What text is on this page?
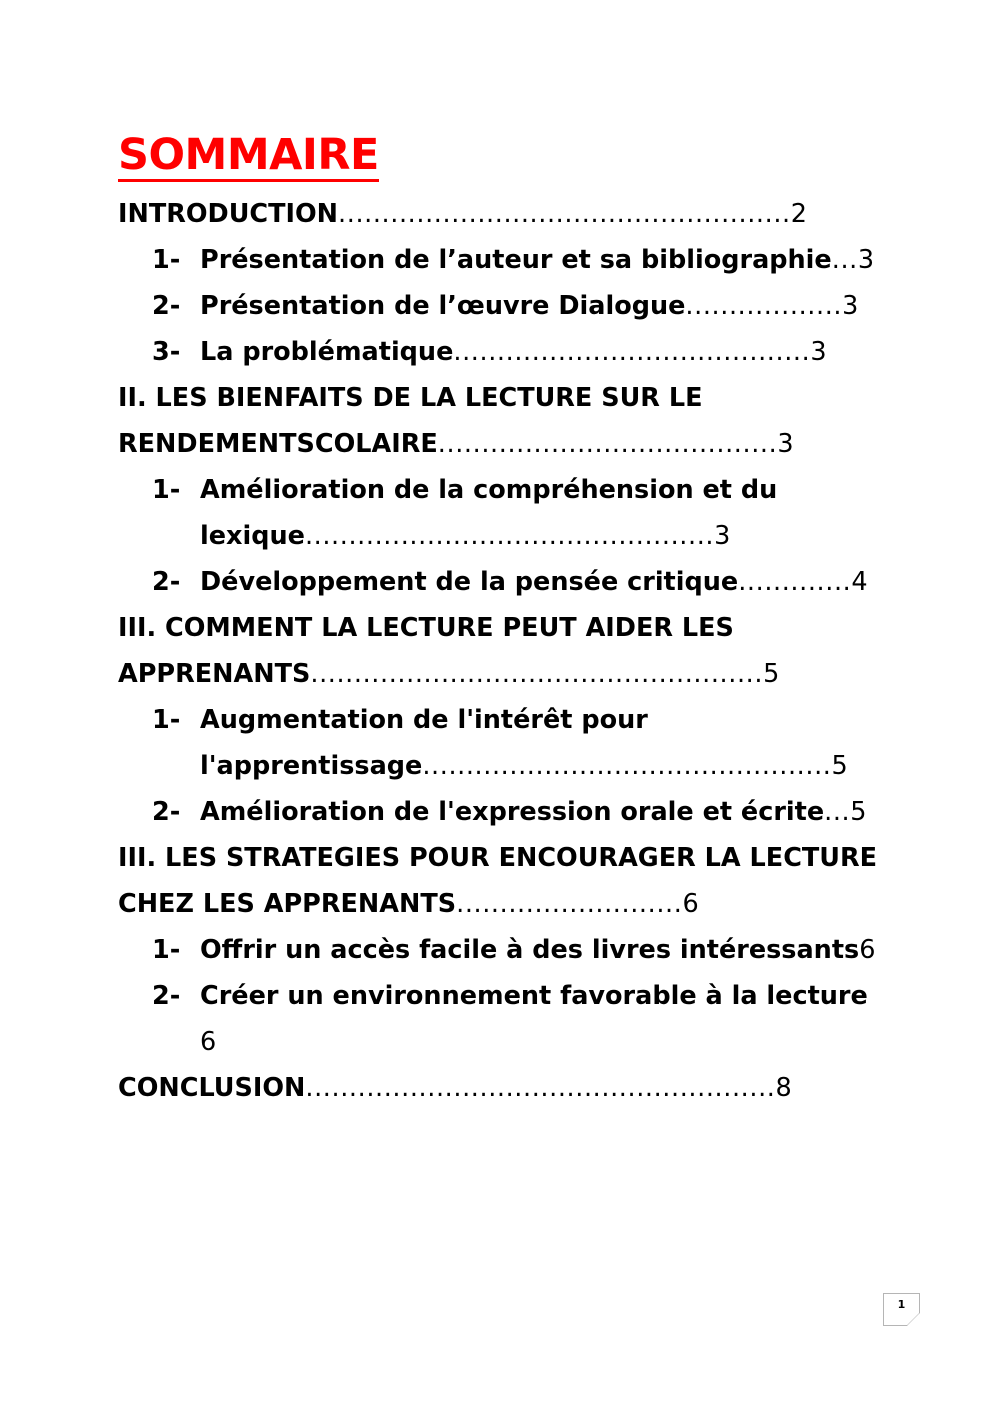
SOMMAIRE
INTRODUCTION....................................................2
1- Présentation de l’auteur et sa bibliographie...3
2- Présentation de l’œuvre Dialogue..................3
3- La problématique.........................................3
II. LES BIENFAITS DE LA LECTURE SUR LE RENDEMENTSCOLAIRE.......................................3
1- Amélioration de la compréhension et du lexique...............................................3
2- Développement de la pensée critique.............4
III. COMMENT LA LECTURE PEUT AIDER LES APPRENANTS....................................................5
1- Augmentation de l'intérêt pour l'apprentissage...............................................5
2- Amélioration de l'expression orale et écrite...5
III. LES STRATEGIES POUR ENCOURAGER LA LECTURE CHEZ LES APPRENANTS..........................6
1- Offrir un accès facile à des livres intéressants6
2- Créer un environnement favorable à la lecture 6
CONCLUSION......................................................8
1
